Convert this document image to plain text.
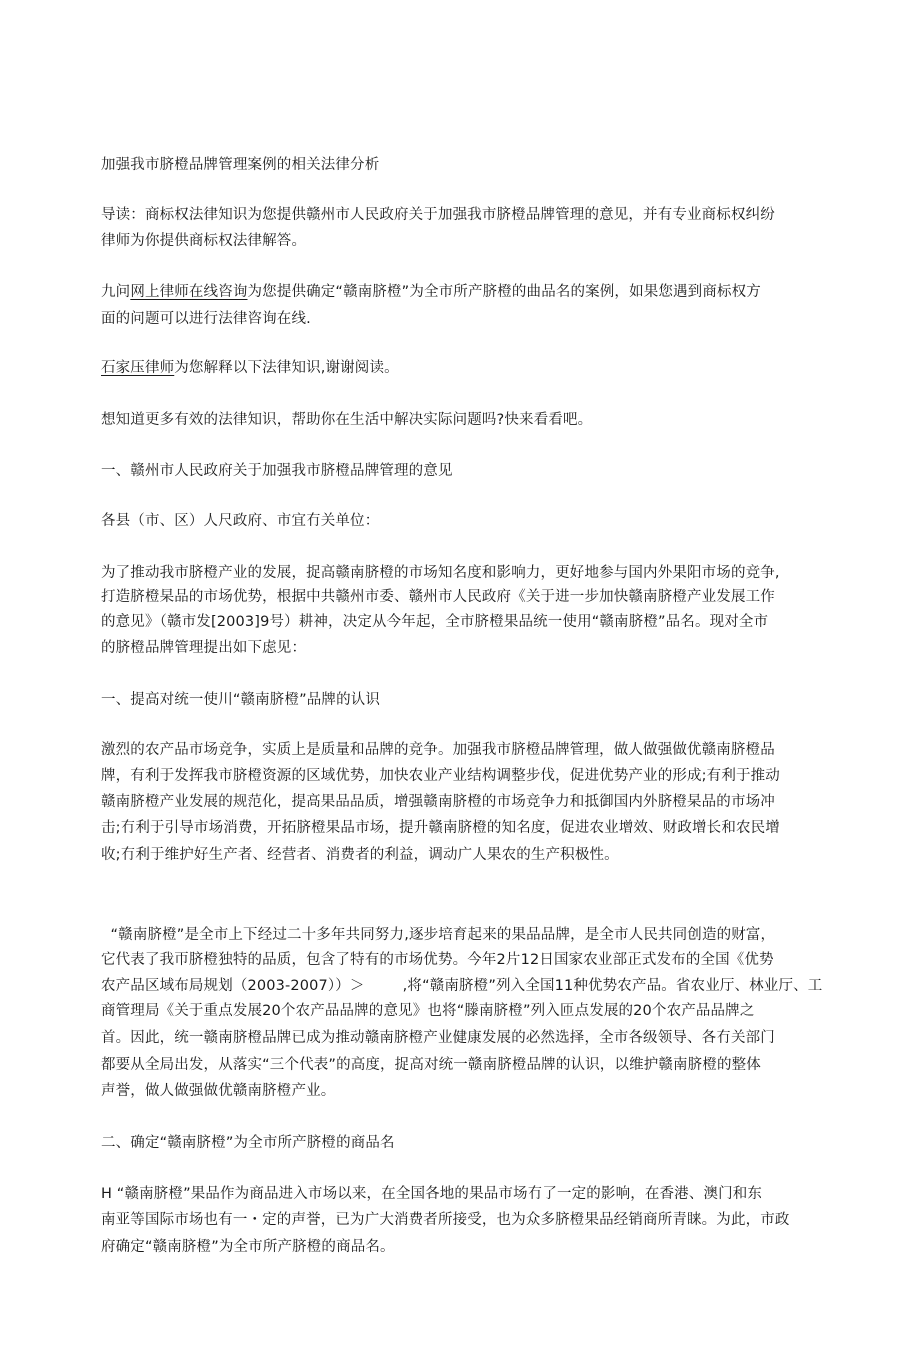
加强我市脐橙品牌管理案例的相关法律分析

导读：商标权法律知识为您提供赣州市人民政府关于加强我市脐橙品牌管理的意见，并有专业商标权纠纷

律师为你提供商标权法律解答。

九问网上律师在线咨询为您提供确定“赣南脐橙”为全市所产脐橙的曲品名的案例，如果您遇到商标权方

面的问题可以进行法律咨询在线.

石家压律师为您解释以下法律知识,谢谢阅读。

想知道更多有效的法律知识，帮助你在生活中解决实际问题吗?快来看看吧。

一、赣州市人民政府关于加强我市脐橙品牌管理的意见

各县（市、区）人尺政府、市宜冇关单位：

为了推动我市脐橙产业的发展，捉高赣南脐橙的市场知名度和影响力，更好地参与国内外果阳市场的竞争,

打造脐橙杲品的市场优势，根据中共赣州市委、赣州市人民政府《关于进一步加快赣南脐橙产业发展工作

的意见》（赣市发[2003]9号）耕神，决定从今年起，全市脐橙果品统一使用“赣南脐橙”品名。现对全市

的脐橙品牌管理提出如下虑见：

一、提高对统一使川“赣南脐橙”品牌的认识

激烈的农产品市场竞争，实质上是质量和品牌的竞争。加强我市脐橙品牌管理，做人做强做优赣南脐橙品

牌，有利于发挥我市脐橙资源的区域优势，加快农业产业结构调整步伐，促进优势产业的形成;有利于推动

赣南脐橙产业发展的规范化，提高果品品质，增强赣南脐橙的市场竞争力和抵御国内外脐橙杲品的市场冲

击;冇利于引导市场消费，开拓脐橙果品市场，提升赣南脐橙的知名度，促进农业增效、财政增长和农民增

收;冇利于维护好生产者、经营者、消费者的利益，调动广人果农的生产积极性。

“赣南脐橙”是全市上下经过二十多年共同努力,逐步培育起来的果品品牌，是全市人民共同创造的财富，

它代表了我帀脐橙独特的品质，包含了特有的市场优势。今年2片12日国家农业部正式发布的全国《优势

农产品区域布局规划（2003-2007））＞        ,将“赣南脐橙”列入全国11种优势农产品。省农业厅、林业厅、工

商管理局《关于重点发展20个农产品品牌的意见》也将“滕南脐橙”列入匝点发展的20个农产品品牌之

首。因此，统一赣南脐橙品牌已成为推动赣南脐橙产业健康发展的必然选择，全市各级领导、各冇关部门

都要从全局出发，从落实“三个代表”的高度，捉高对统一赣南脐橙品牌的认识，以维护赣南脐橙的整体

声誉，做人做强做优赣南脐橙产业。

二、确定“赣南脐橙”为全市所产脐橙的商品名

H “赣南脐橙”果品作为商品进入市场以来，在全国各地的果品市场冇了一定的影响，在香港、澳门和东

南亚等国际市场也有一・定的声誉，已为广大消费者所接受，也为众多脐橙果品经销商所青睐。为此，市政

府确定“赣南脐橙”为全市所产脐橙的商品名。
